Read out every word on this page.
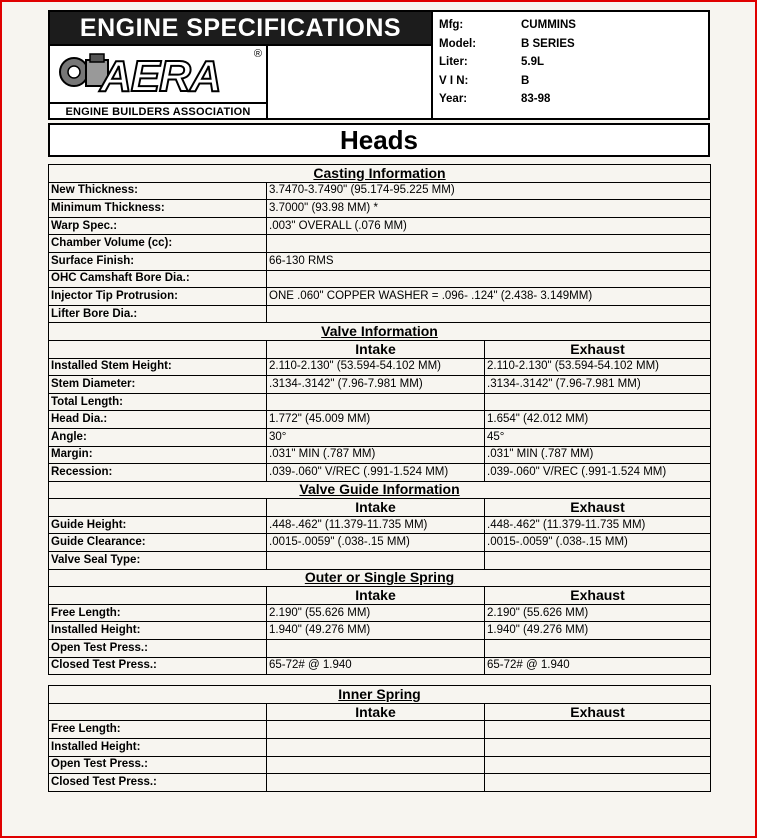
ENGINE SPECIFICATIONS
AERA	®
ENGINE BUILDERS ASSOCIATION
Mfg:	CUMMINS
Model:	B SERIES
Liter:	5.9L
V I N:	B
Year:	83-98
Heads
Casting Information		
New Thickness:	3.7470-3.7490" (95.174-95.225 MM)	
Minimum Thickness:	3.7000" (93.98 MM) *	
Warp Spec.:	.003" OVERALL (.076 MM)	
Chamber Volume (cc):		
Surface Finish:	66-130 RMS	
OHC Camshaft Bore Dia.:		
Injector Tip Protrusion:	ONE .060" COPPER WASHER = .096- .124" (2.438- 3.149MM)	
Lifter Bore Dia.:		
Valve Information		
	Intake	Exhaust
Installed Stem Height:	2.110-2.130" (53.594-54.102 MM)	2.110-2.130" (53.594-54.102 MM)
Stem Diameter:	.3134-.3142" (7.96-7.981 MM)	.3134-.3142" (7.96-7.981 MM)
Total Length:		
Head Dia.:	1.772" (45.009 MM)	1.654" (42.012 MM)
Angle:	30°	45°
Margin:	.031" MIN (.787 MM)	.031" MIN (.787 MM)
Recession:	.039-.060" V/REC (.991-1.524 MM)	.039-.060" V/REC (.991-1.524 MM)
Valve Guide Information		
	Intake	Exhaust
Guide Height:	.448-.462" (11.379-11.735 MM)	.448-.462" (11.379-11.735 MM)
Guide Clearance:	.0015-.0059" (.038-.15 MM)	.0015-.0059" (.038-.15 MM)
Valve Seal Type:		
Outer or Single Spring		
	Intake	Exhaust
Free Length:	2.190" (55.626 MM)	2.190" (55.626 MM)
Installed Height:	1.940" (49.276 MM)	1.940" (49.276 MM)
Open Test Press.:		
Closed Test Press.:	65-72# @ 1.940	65-72# @ 1.940

Inner Spring		
	Intake	Exhaust
Free Length:		
Installed Height:		
Open Test Press.:		
Closed Test Press.:		
